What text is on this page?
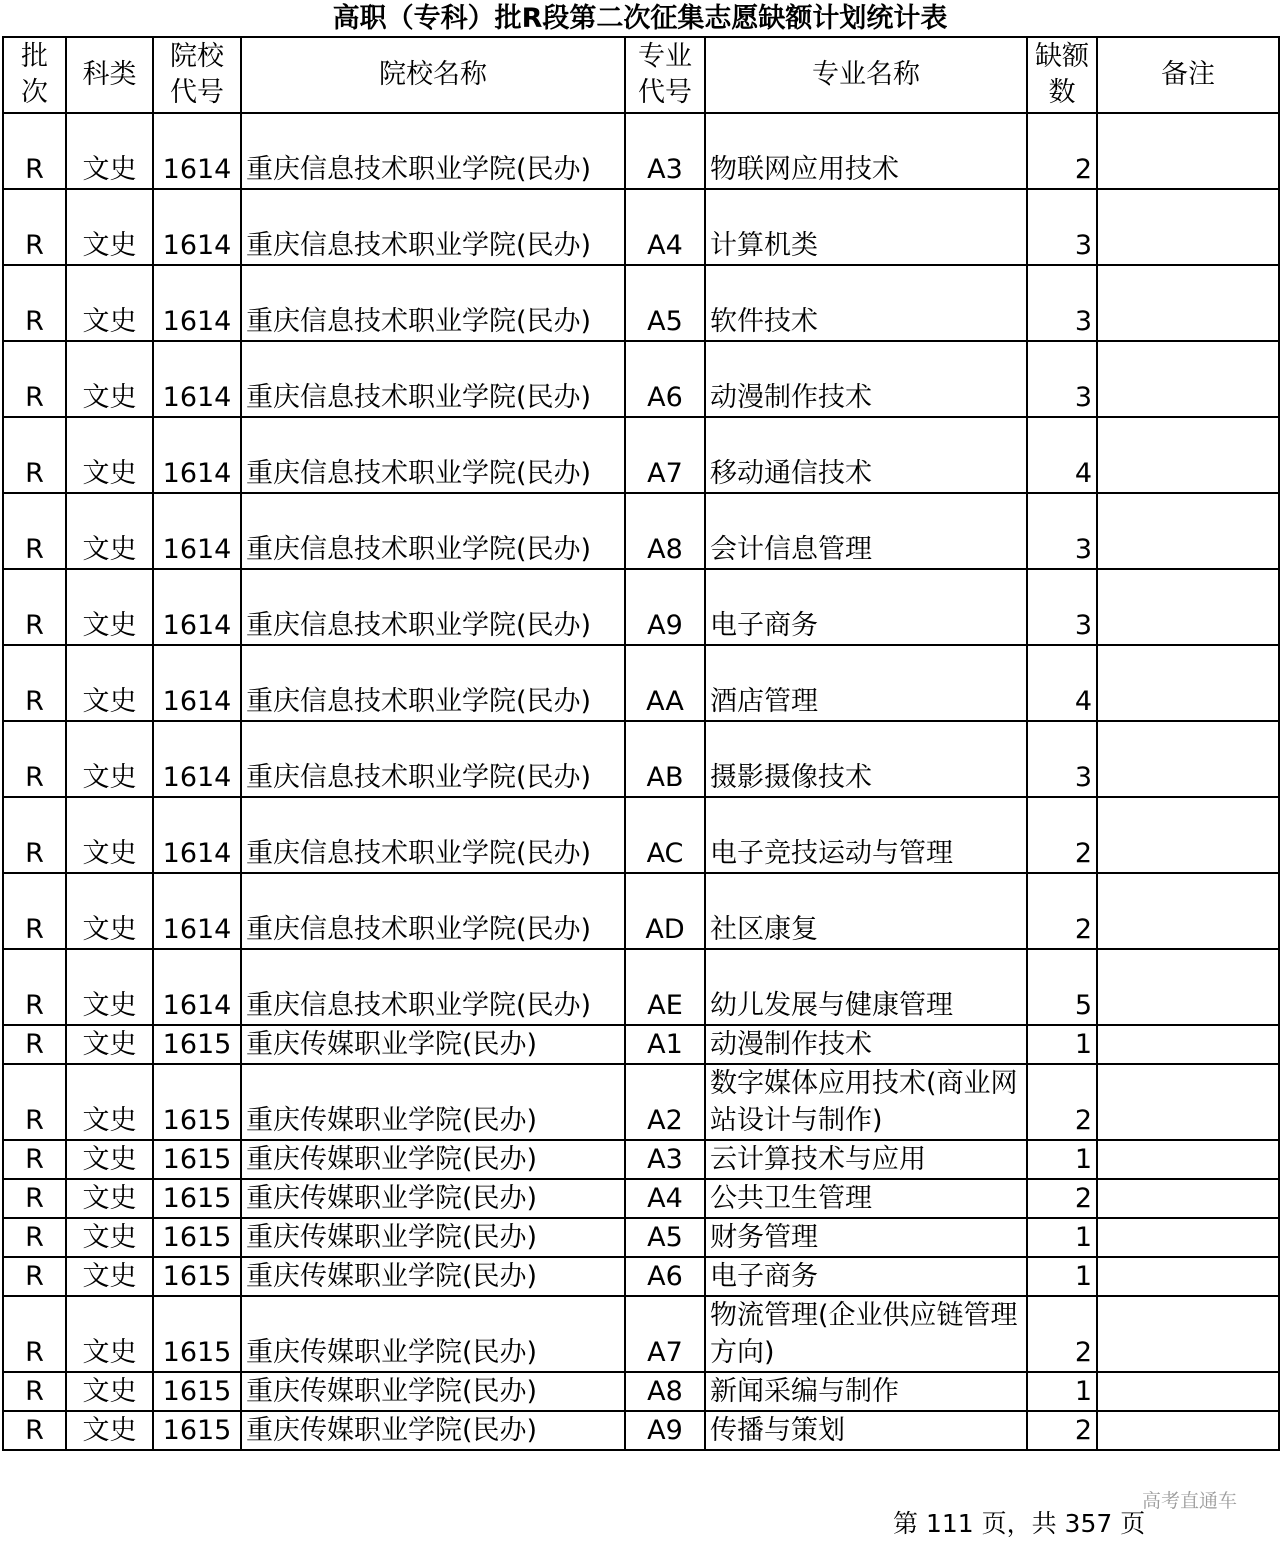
高职（专科）批R段第二次征集志愿缺额计划统计表
批次	科类	院校代号	院校名称	专业代号	专业名称	缺额数	备注
R	文史	1614	重庆信息技术职业学院(民办)	A3	物联网应用技术	2	
R	文史	1614	重庆信息技术职业学院(民办)	A4	计算机类	3	
R	文史	1614	重庆信息技术职业学院(民办)	A5	软件技术	3	
R	文史	1614	重庆信息技术职业学院(民办)	A6	动漫制作技术	3	
R	文史	1614	重庆信息技术职业学院(民办)	A7	移动通信技术	4	
R	文史	1614	重庆信息技术职业学院(民办)	A8	会计信息管理	3	
R	文史	1614	重庆信息技术职业学院(民办)	A9	电子商务	3	
R	文史	1614	重庆信息技术职业学院(民办)	AA	酒店管理	4	
R	文史	1614	重庆信息技术职业学院(民办)	AB	摄影摄像技术	3	
R	文史	1614	重庆信息技术职业学院(民办)	AC	电子竞技运动与管理	2	
R	文史	1614	重庆信息技术职业学院(民办)	AD	社区康复	2	
R	文史	1614	重庆信息技术职业学院(民办)	AE	幼儿发展与健康管理	5	
R	文史	1615	重庆传媒职业学院(民办)	A1	动漫制作技术	1	
R	文史	1615	重庆传媒职业学院(民办)	A2	数字媒体应用技术(商业网站设计与制作)	2	
R	文史	1615	重庆传媒职业学院(民办)	A3	云计算技术与应用	1	
R	文史	1615	重庆传媒职业学院(民办)	A4	公共卫生管理	2	
R	文史	1615	重庆传媒职业学院(民办)	A5	财务管理	1	
R	文史	1615	重庆传媒职业学院(民办)	A6	电子商务	1	
R	文史	1615	重庆传媒职业学院(民办)	A7	物流管理(企业供应链管理方向)	2	
R	文史	1615	重庆传媒职业学院(民办)	A8	新闻采编与制作	1	
R	文史	1615	重庆传媒职业学院(民办)	A9	传播与策划	2	
高考直通车
第 111 页，共 357 页
